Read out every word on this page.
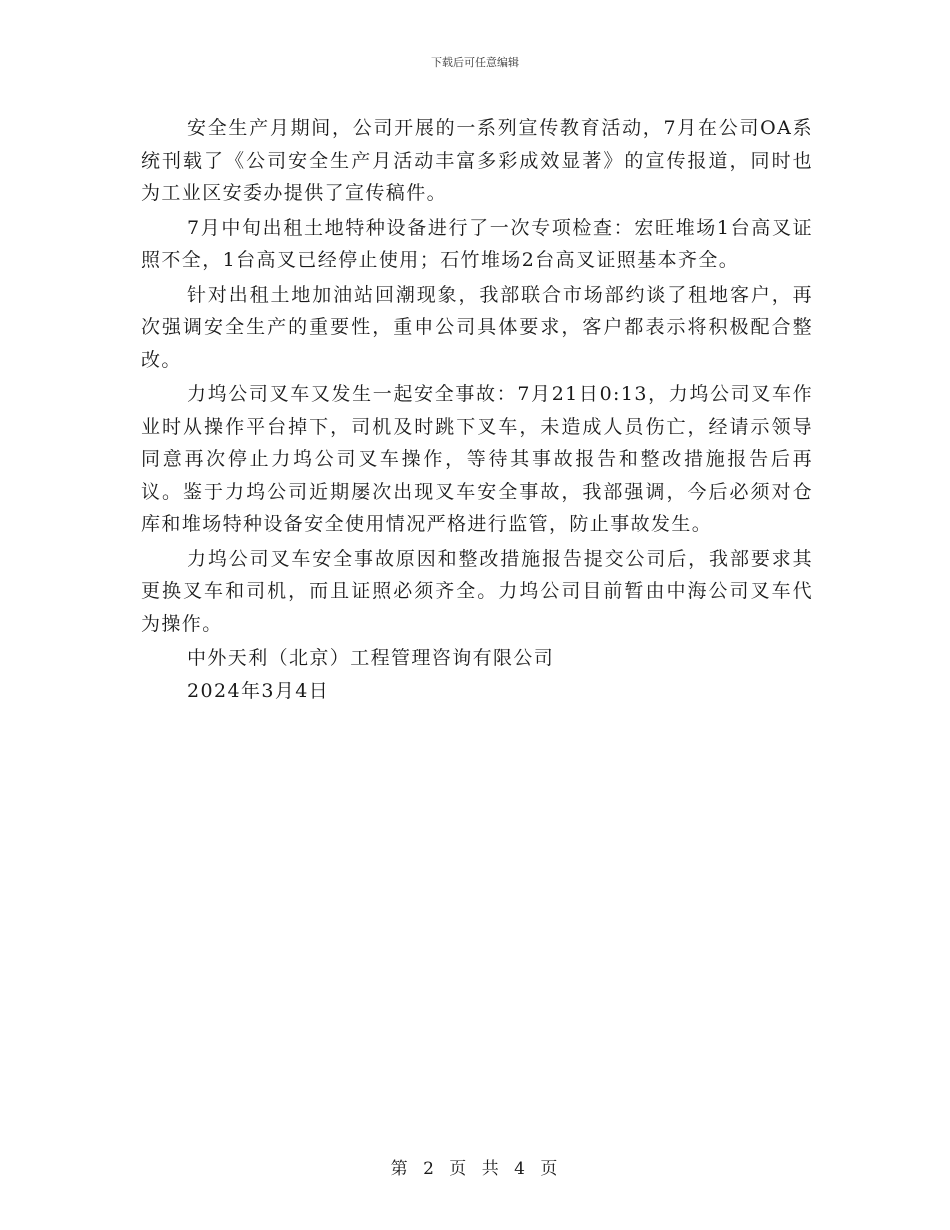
下载后可任意编辑

安全生产月期间，公司开展的一系列宣传教育活动，7月在公司OA系统刊载了《公司安全生产月活动丰富多彩成效显著》的宣传报道，同时也为工业区安委办提供了宣传稿件。

7月中旬出租土地特种设备进行了一次专项检查：宏旺堆场1台高叉证照不全，1台高叉已经停止使用；石竹堆场2台高叉证照基本齐全。

针对出租土地加油站回潮现象，我部联合市场部约谈了租地客户，再次强调安全生产的重要性，重申公司具体要求，客户都表示将积极配合整改。

力坞公司叉车又发生一起安全事故：7月21日0:13，力坞公司叉车作业时从操作平台掉下，司机及时跳下叉车，未造成人员伤亡，经请示领导同意再次停止力坞公司叉车操作，等待其事故报告和整改措施报告后再议。鉴于力坞公司近期屡次出现叉车安全事故，我部强调，今后必须对仓库和堆场特种设备安全使用情况严格进行监管，防止事故发生。

力坞公司叉车安全事故原因和整改措施报告提交公司后，我部要求其更换叉车和司机，而且证照必须齐全。力坞公司目前暂由中海公司叉车代为操作。

中外天利（北京）工程管理咨询有限公司

2024年3月4日

第 2 页 共 4 页
